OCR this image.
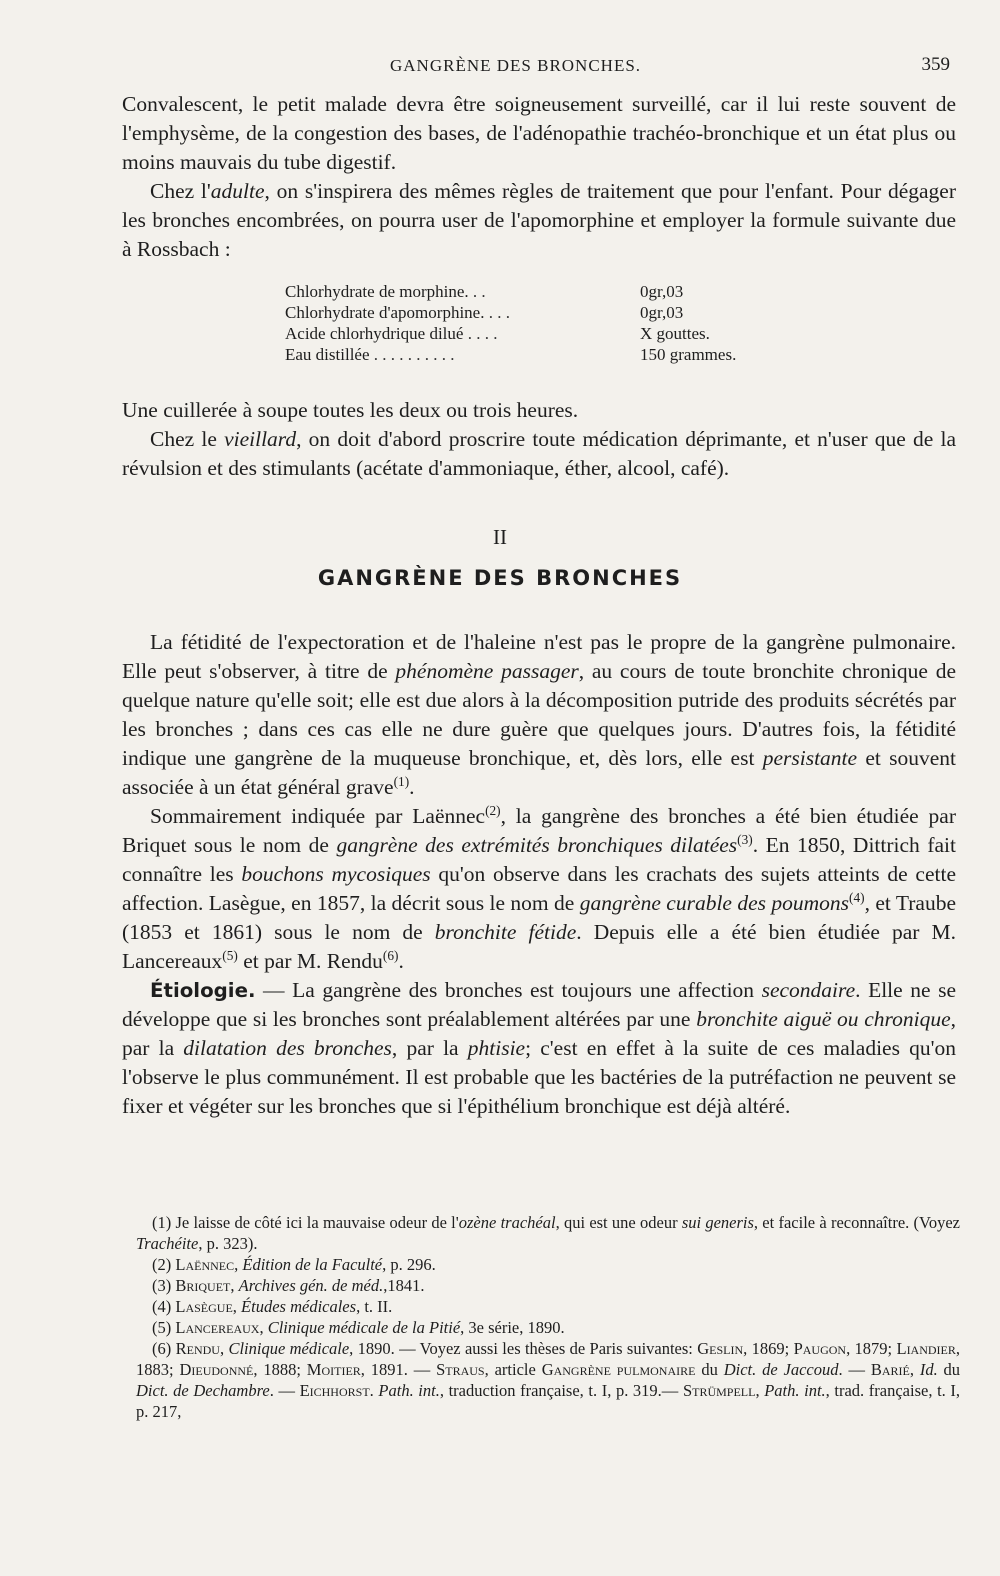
GANGRÈNE DES BRONCHES.	359

Convalescent, le petit malade devra être soigneusement surveillé, car il lui reste souvent de l'emphysème, de la congestion des bases, de l'adénopathie trachéo-bronchique et un état plus ou moins mauvais du tube digestif.

Chez l'adulte, on s'inspirera des mêmes règles de traitement que pour l'enfant. Pour dégager les bronches encombrées, on pourra user de l'apomorphine et employer la formule suivante due à Rossbach :

Chlorhydrate de morphine. . .	0gr,03
Chlorhydrate d'apomorphine. . . .	0gr,03
Acide chlorhydrique dilué . . . .	X gouttes.
Eau distillée . . . . . . . . . .	150 grammes.

Une cuillerée à soupe toutes les deux ou trois heures.

Chez le vieillard, on doit d'abord proscrire toute médication déprimante, et n'user que de la révulsion et des stimulants (acétate d'ammoniaque, éther, alcool, café).

II
GANGRÈNE DES BRONCHES

La fétidité de l'expectoration et de l'haleine n'est pas le propre de la gangrène pulmonaire. Elle peut s'observer, à titre de phénomène passager, au cours de toute bronchite chronique de quelque nature qu'elle soit; elle est due alors à la décomposition putride des produits sécrétés par les bronches ; dans ces cas elle ne dure guère que quelques jours. D'autres fois, la fétidité indique une gangrène de la muqueuse bronchique, et, dès lors, elle est persistante et souvent associée à un état général grave$^{(1)}$.

Sommairement indiquée par Laënnec$^{(2)}$, la gangrène des bronches a été bien étudiée par Briquet sous le nom de gangrène des extrémités bronchiques dilatées$^{(3)}$. En 1850, Dittrich fait connaître les bouchons mycosiques qu'on observe dans les crachats des sujets atteints de cette affection. Lasègue, en 1857, la décrit sous le nom de gangrène curable des poumons$^{(4)}$, et Traube (1853 et 1861) sous le nom de bronchite fétide. Depuis elle a été bien étudiée par M. Lancereaux$^{(5)}$ et par M. Rendu$^{(6)}$.

Étiologie. — La gangrène des bronches est toujours une affection secondaire. Elle ne se développe que si les bronches sont préalablement altérées par une bronchite aiguë ou chronique, par la dilatation des bronches, par la phtisie; c'est en effet à la suite de ces maladies qu'on l'observe le plus communément. Il est probable que les bactéries de la putréfaction ne peuvent se fixer et végéter sur les bronches que si l'épithélium bronchique est déjà altéré.

(1) Je laisse de côté ici la mauvaise odeur de l'ozène trachéal, qui est une odeur sui generis, et facile à reconnaître. (Voyez Trachéite, p. 323).

(2) Laënnec, Édition de la Faculté, p. 296.

(3) Briquet, Archives gén. de méd.,1841.

(4) Lasègue, Études médicales, t. II.

(5) Lancereaux, Clinique médicale de la Pitié, 3e série, 1890.

(6) Rendu, Clinique médicale, 1890. — Voyez aussi les thèses de Paris suivantes: Geslin, 1869; Paugon, 1879; Liandier, 1883; Dieudonné, 1888; Moitier, 1891. — Straus, article Gangrène pulmonaire du Dict. de Jaccoud. — Barié, Id. du Dict. de Dechambre. — Eichhorst. Path. int., traduction française, t. I, p. 319.— Strümpell, Path. int., trad. française, t. I, p. 217,
